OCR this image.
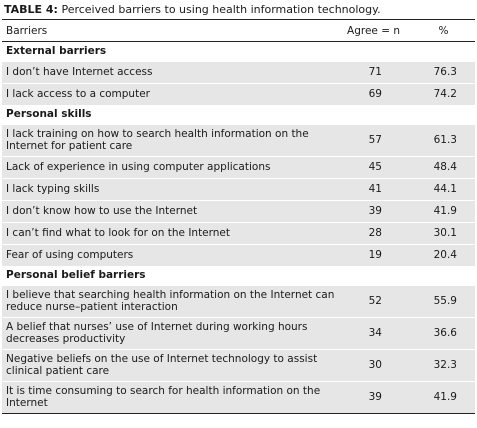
TABLE 4: Perceived barriers to using health information technology.
Barriers	Agree = n	%
External barriers		
I don’t have Internet access	71	76.3
I lack access to a computer	69	74.2
Personal skills		
I lack training on how to search health information on the Internet for patient care	57	61.3
Lack of experience in using computer applications	45	48.4
I lack typing skills	41	44.1
I don’t know how to use the Internet	39	41.9
I can’t find what to look for on the Internet	28	30.1
Fear of using computers	19	20.4
Personal belief barriers		
I believe that searching health information on the Internet can reduce nurse–patient interaction	52	55.9
A belief that nurses’ use of Internet during working hours decreases productivity	34	36.6
Negative beliefs on the use of Internet technology to assist clinical patient care	30	32.3
It is time consuming to search for health information on the Internet	39	41.9
